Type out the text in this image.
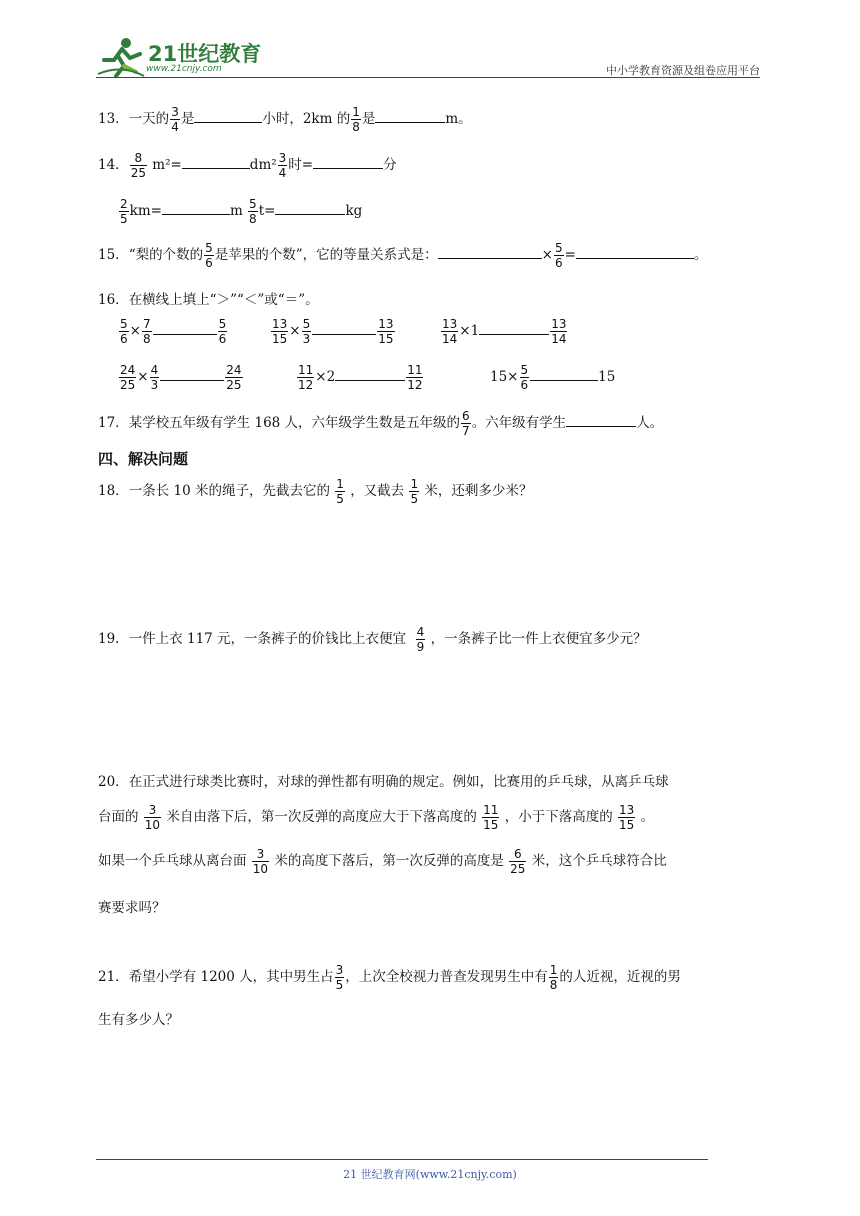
21世纪教育
www.21cnjy.com	中小学教育资源及组卷应用平台
13．一天的 $\frac{3}{4}$ 是	小时，2km 的 $\frac{1}{8}$ 是	m。
14． $\frac{8}{25} m^2=$	$dm^2 \frac{3}{4}$ 时=	分
$\frac{2}{5} km=$	m $\frac{5}{8} t=$	kg
15．“梨的个数的 $\frac{5}{6}$ 是苹果的个数”，它的等量关系式是：	× $\frac{5}{6}$ =	。
16．在横线上填上“＞”“＜”或“＝”。
$\frac{5}{6} \times \frac{7}{8}$	$\frac{5}{6}$	$\frac{13}{15} \times \frac{5}{3}$	$\frac{13}{15}$	$\frac{13}{14} \times 1$	$\frac{13}{14}$
$\frac{24}{25} \times \frac{4}{3}$	$\frac{24}{25}$	$\frac{11}{12} \times 2$	$\frac{11}{12}$	$15\times \frac{5}{6}$	15
17．某学校五年级有学生 168 人，六年级学生数是五年级的 $\frac{6}{7}$ 。六年级有学生	人。
四、解决问题
18．一条长 10 米的绳子，先截去它的 $\frac{1}{5}$ ，又截去 $\frac{1}{5}$ 米，还剩多少米？
19．一件上衣 117 元，一条裤子的价钱比上衣便宜 $\frac{4}{9}$ ，一条裤子比一件上衣便宜多少元？
20．在正式进行球类比赛时，对球的弹性都有明确的规定。例如，比赛用的乒乓球，从离乒乓球
台面的 $\frac{3}{10}$ 米自由落下后，第一次反弹的高度应大于下落高度的 $\frac{11}{15}$ ，小于下落高度的 $\frac{13}{15}$ 。
如果一个乒乓球从离台面 $\frac{3}{10}$ 米的高度下落后，第一次反弹的高度是 $\frac{6}{25}$ 米，这个乒乓球符合比
赛要求吗？
21．希望小学有 1200 人，其中男生占 $\frac{3}{5}$ ，上次全校视力普查发现男生中有 $\frac{1}{8}$ 的人近视，近视的男
生有多少人？
21 世纪教育网(www.21cnjy.com)
